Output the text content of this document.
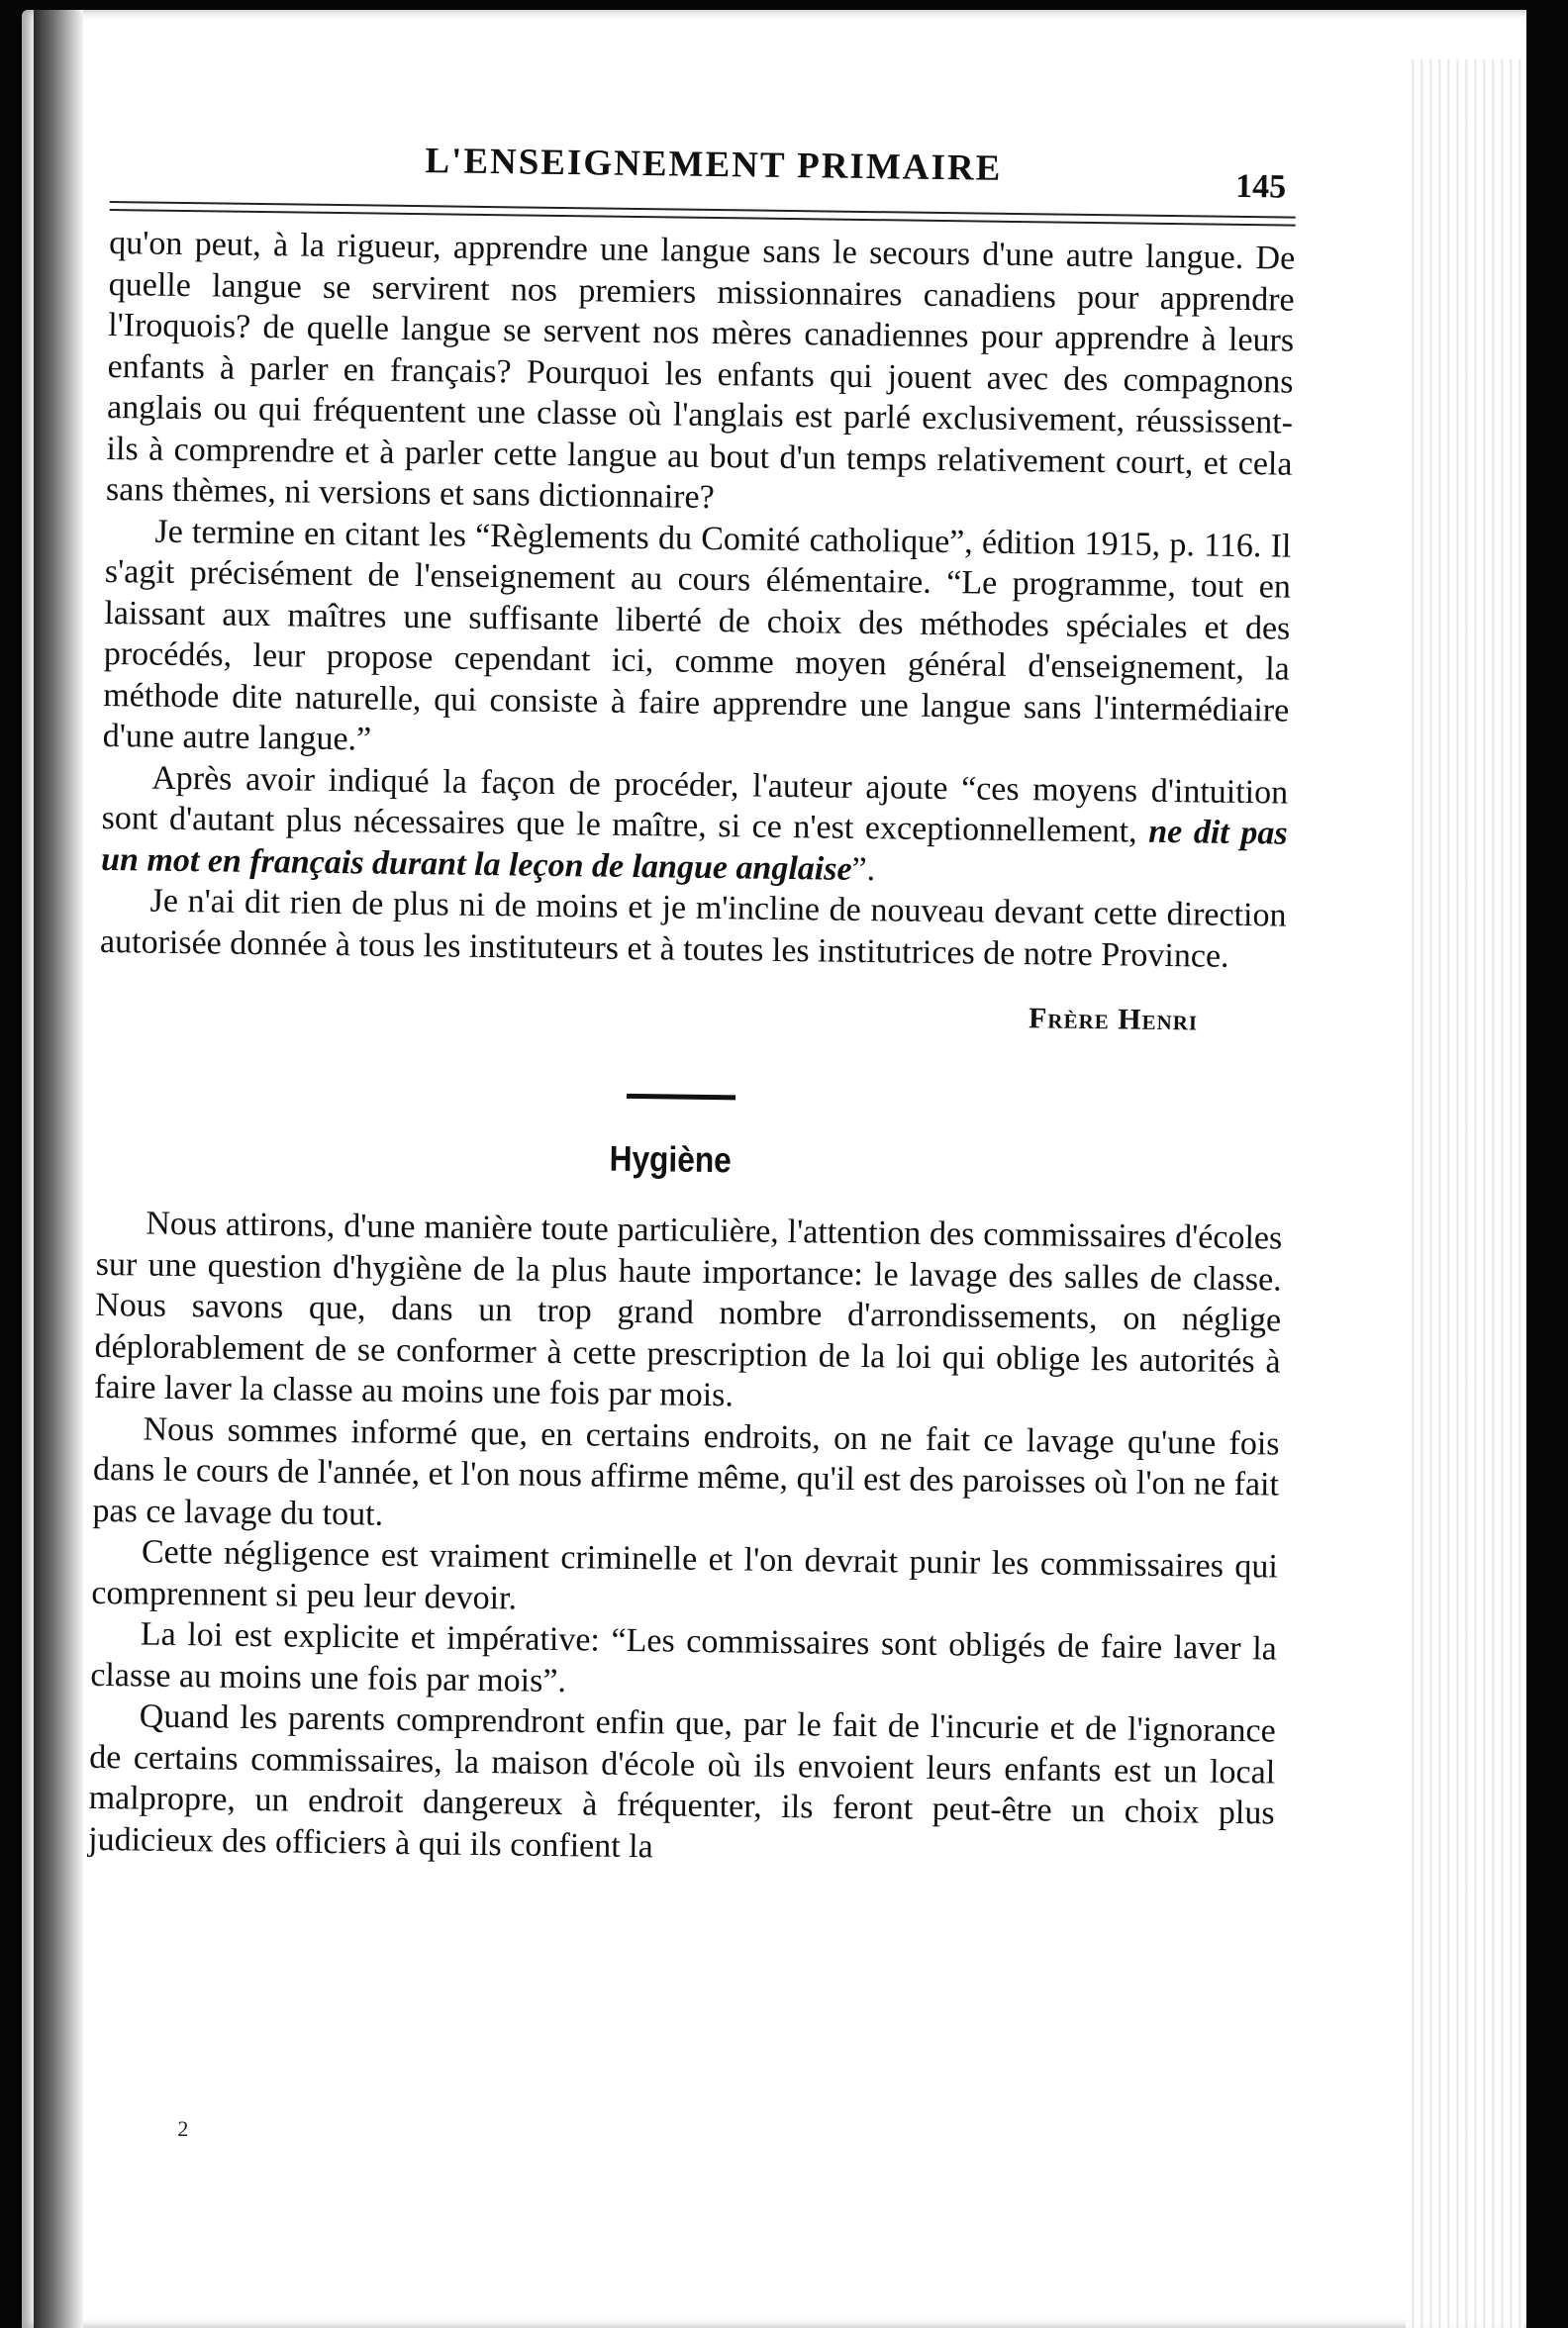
L'ENSEIGNEMENT PRIMAIRE	145

qu'on peut, à la rigueur, apprendre une langue sans le secours d'une autre langue. De quelle langue se servirent nos premiers missionnaires canadiens pour apprendre l'Iroquois? de quelle langue se servent nos mères canadiennes pour apprendre à leurs enfants à parler en français? Pourquoi les enfants qui jouent avec des compagnons anglais ou qui fréquentent une classe où l'anglais est parlé exclusivement, réussissent-ils à comprendre et à parler cette langue au bout d'un temps relativement court, et cela sans thèmes, ni versions et sans dictionnaire?

Je termine en citant les “Règlements du Comité catholique”, édition 1915, p. 116. Il s'agit précisément de l'enseignement au cours élémentaire. “Le programme, tout en laissant aux maîtres une suffisante liberté de choix des méthodes spéciales et des procédés, leur propose cependant ici, comme moyen général d'enseignement, la méthode dite naturelle, qui consiste à faire apprendre une langue sans l'intermédiaire d'une autre langue.”

Après avoir indiqué la façon de procéder, l'auteur ajoute “ces moyens d'intuition sont d'autant plus nécessaires que le maître, si ce n'est exceptionnellement, ne dit pas un mot en français durant la leçon de langue anglaise”.

Je n'ai dit rien de plus ni de moins et je m'incline de nouveau devant cette direction autorisée donnée à tous les instituteurs et à toutes les institutrices de notre Province.

Frère Henri
Hygiène

Nous attirons, d'une manière toute particulière, l'attention des commissaires d'écoles sur une question d'hygiène de la plus haute importance: le lavage des salles de classe. Nous savons que, dans un trop grand nombre d'arrondissements, on néglige déplorablement de se conformer à cette prescription de la loi qui oblige les autorités à faire laver la classe au moins une fois par mois.

Nous sommes informé que, en certains endroits, on ne fait ce lavage qu'une fois dans le cours de l'année, et l'on nous affirme même, qu'il est des paroisses où l'on ne fait pas ce lavage du tout.

Cette négligence est vraiment criminelle et l'on devrait punir les commissaires qui comprennent si peu leur devoir.

La loi est explicite et impérative: “Les commissaires sont obligés de faire laver la classe au moins une fois par mois”.

Quand les parents comprendront enfin que, par le fait de l'incurie et de l'ignorance de certains commissaires, la maison d'école où ils envoient leurs enfants est un local malpropre, un endroit dangereux à fréquenter, ils feront peut-être un choix plus judicieux des officiers à qui ils confient la

2
